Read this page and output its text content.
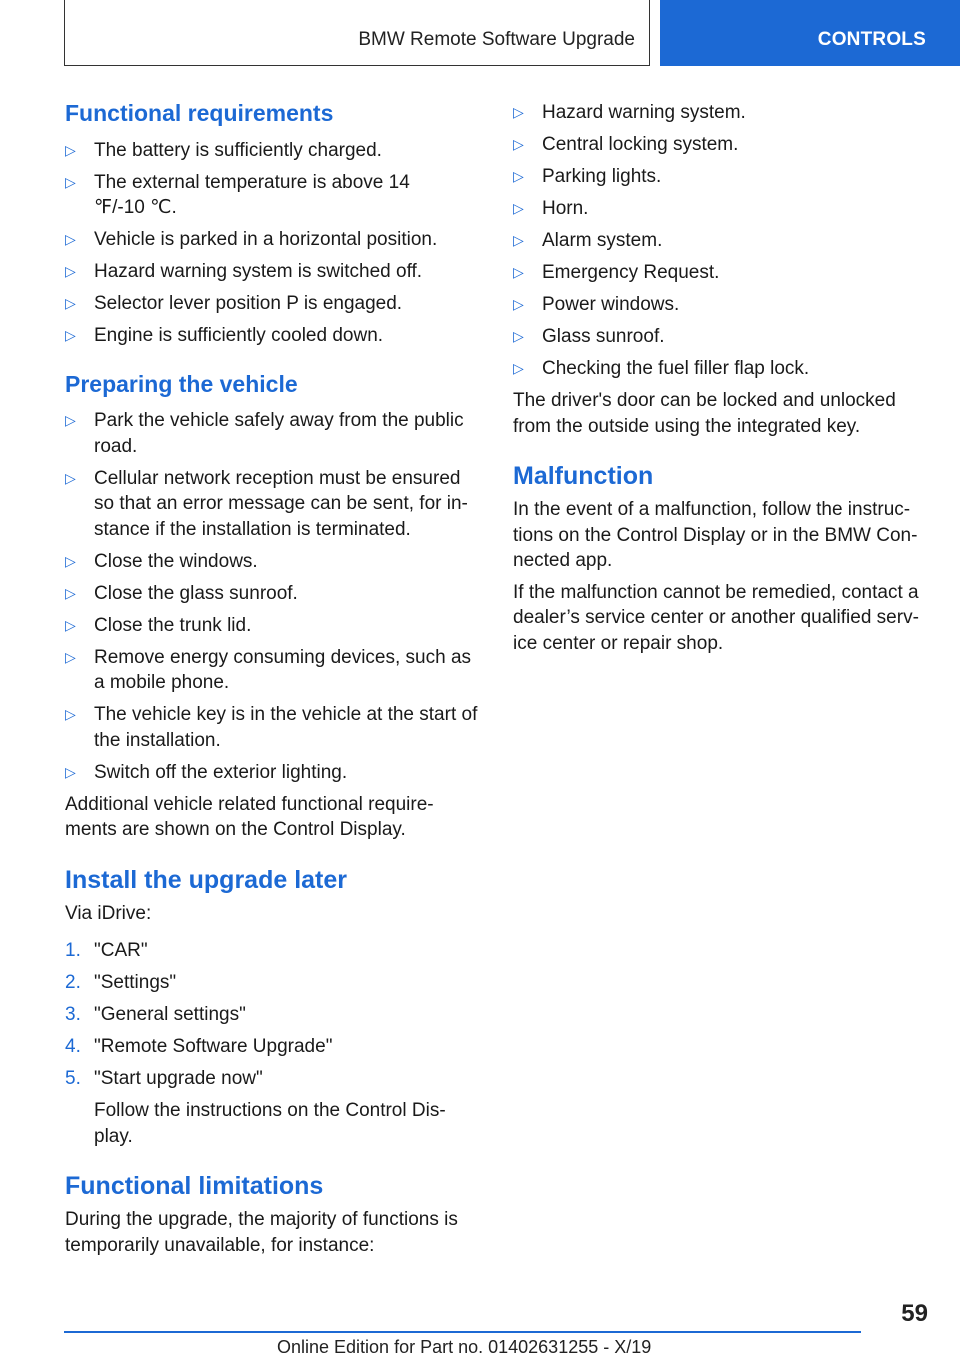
BMW Remote Software Upgrade	CONTROLS
Functional requirements
▷ The battery is sufficiently charged.
▷ The external temperature is above 14 ℉/-10 ℃.
▷ Vehicle is parked in a horizontal position.
▷ Hazard warning system is switched off.
▷ Selector lever position P is engaged.
▷ Engine is sufficiently cooled down.
Preparing the vehicle
▷ Park the vehicle safely away from the public road.
▷ Cellular network reception must be ensured so that an error message can be sent, for in-stance if the installation is terminated.
▷ Close the windows.
▷ Close the glass sunroof.
▷ Close the trunk lid.
▷ Remove energy consuming devices, such as a mobile phone.
▷ The vehicle key is in the vehicle at the start of the installation.
▷ Switch off the exterior lighting.

Additional vehicle related functional require-ments are shown on the Control Display.

Install the upgrade later

Via iDrive:

1. "CAR"
2. "Settings"
3. "General settings"
4. "Remote Software Upgrade"
5. "Start upgrade now"

Follow the instructions on the Control Dis-play.

Functional limitations

During the upgrade, the majority of functions is temporarily unavailable, for instance:

▷ Hazard warning system.
▷ Central locking system.
▷ Parking lights.
▷ Horn.
▷ Alarm system.
▷ Emergency Request.
▷ Power windows.
▷ Glass sunroof.
▷ Checking the fuel filler flap lock.

The driver's door can be locked and unlocked from the outside using the integrated key.

Malfunction

In the event of a malfunction, follow the instruc-tions on the Control Display or in the BMW Con-nected app.

If the malfunction cannot be remedied, contact a dealer’s service center or another qualified serv-ice center or repair shop.

59
Online Edition for Part no. 01402631255 - X/19
